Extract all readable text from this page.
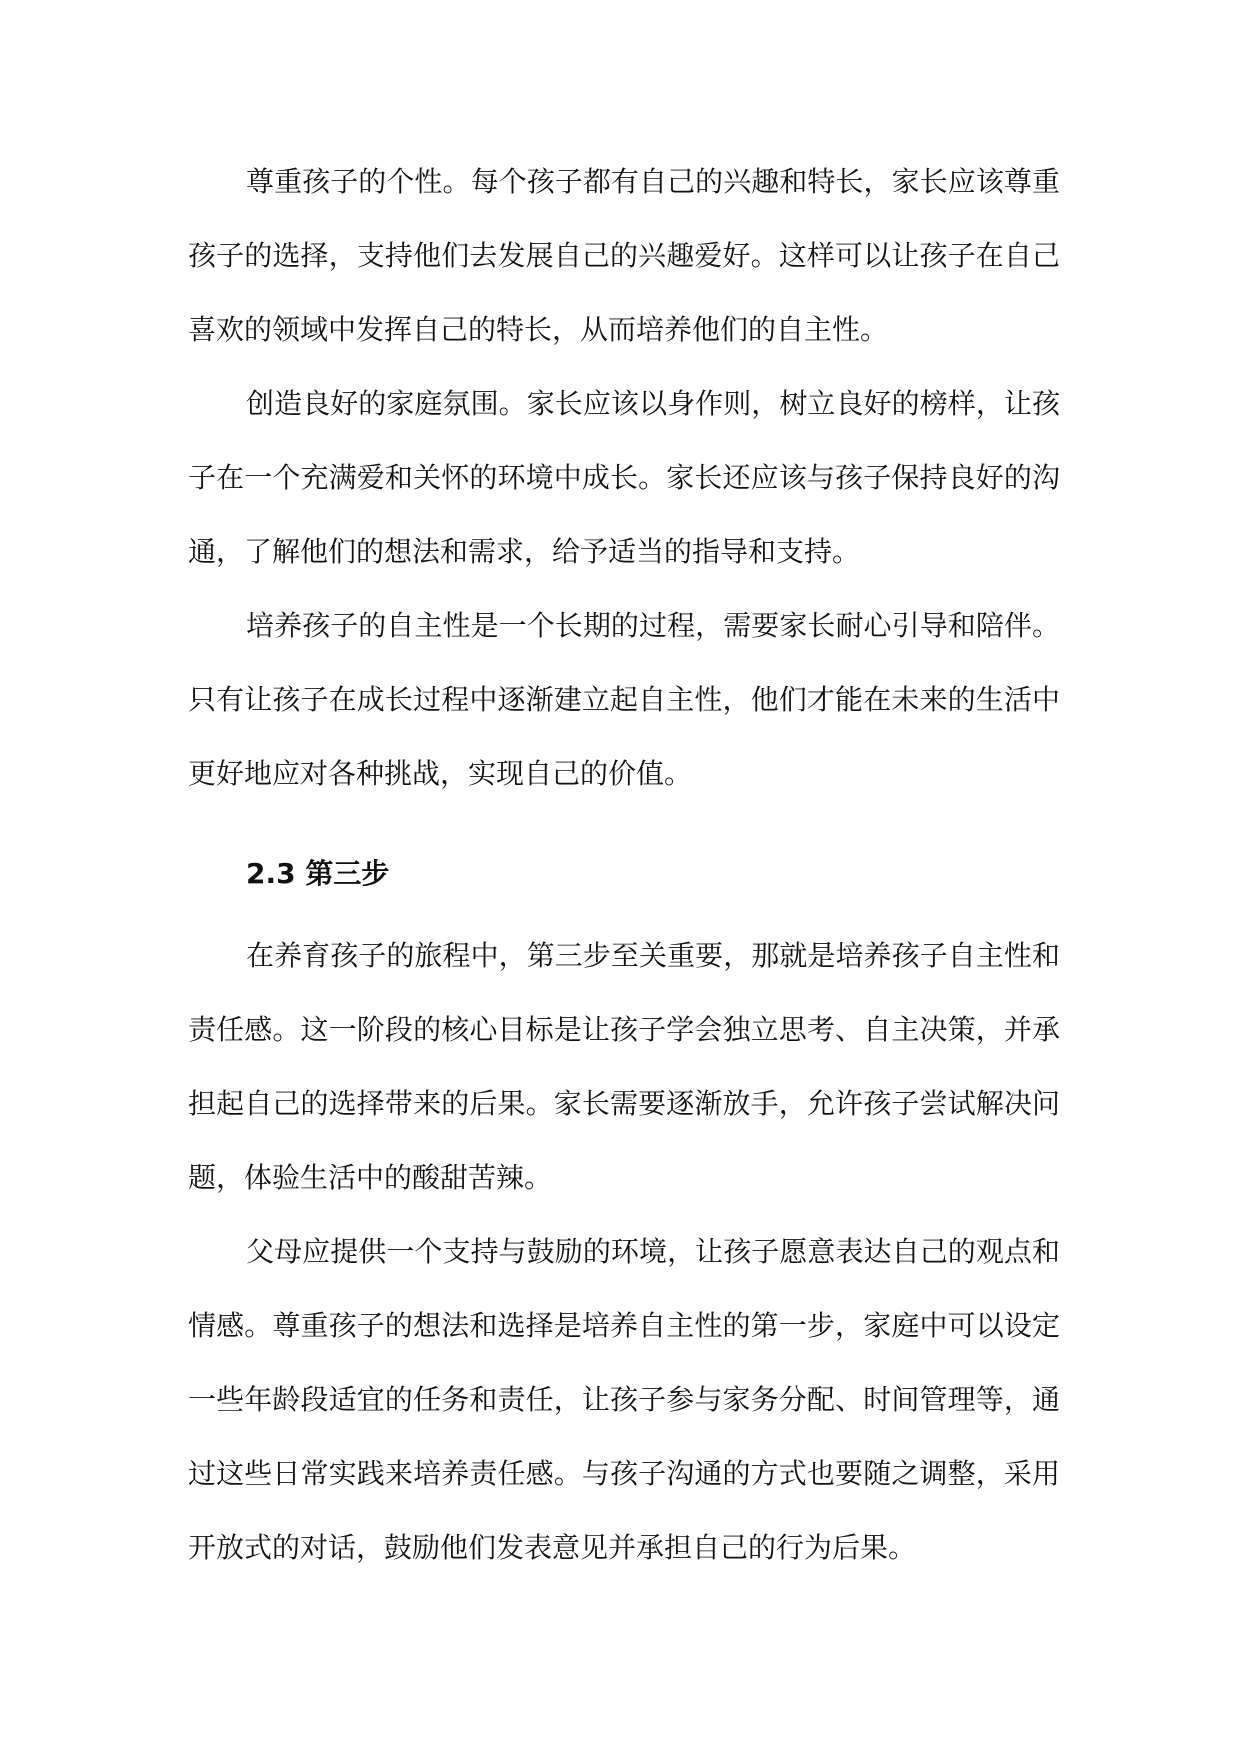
尊重孩子的个性。每个孩子都有自己的兴趣和特长，家长应该尊重孩子的选择，支持他们去发展自己的兴趣爱好。这样可以让孩子在自己喜欢的领域中发挥自己的特长，从而培养他们的自主性。

创造良好的家庭氛围。家长应该以身作则，树立良好的榜样，让孩子在一个充满爱和关怀的环境中成长。家长还应该与孩子保持良好的沟通，了解他们的想法和需求，给予适当的指导和支持。

培养孩子的自主性是一个长期的过程，需要家长耐心引导和陪伴。只有让孩子在成长过程中逐渐建立起自主性，他们才能在未来的生活中更好地应对各种挑战，实现自己的价值。

2.3 第三步

在养育孩子的旅程中，第三步至关重要，那就是培养孩子自主性和责任感。这一阶段的核心目标是让孩子学会独立思考、自主决策，并承担起自己的选择带来的后果。家长需要逐渐放手，允许孩子尝试解决问题，体验生活中的酸甜苦辣。

父母应提供一个支持与鼓励的环境，让孩子愿意表达自己的观点和情感。尊重孩子的想法和选择是培养自主性的第一步，家庭中可以设定一些年龄段适宜的任务和责任，让孩子参与家务分配、时间管理等，通过这些日常实践来培养责任感。与孩子沟通的方式也要随之调整，采用开放式的对话，鼓励他们发表意见并承担自己的行为后果。
